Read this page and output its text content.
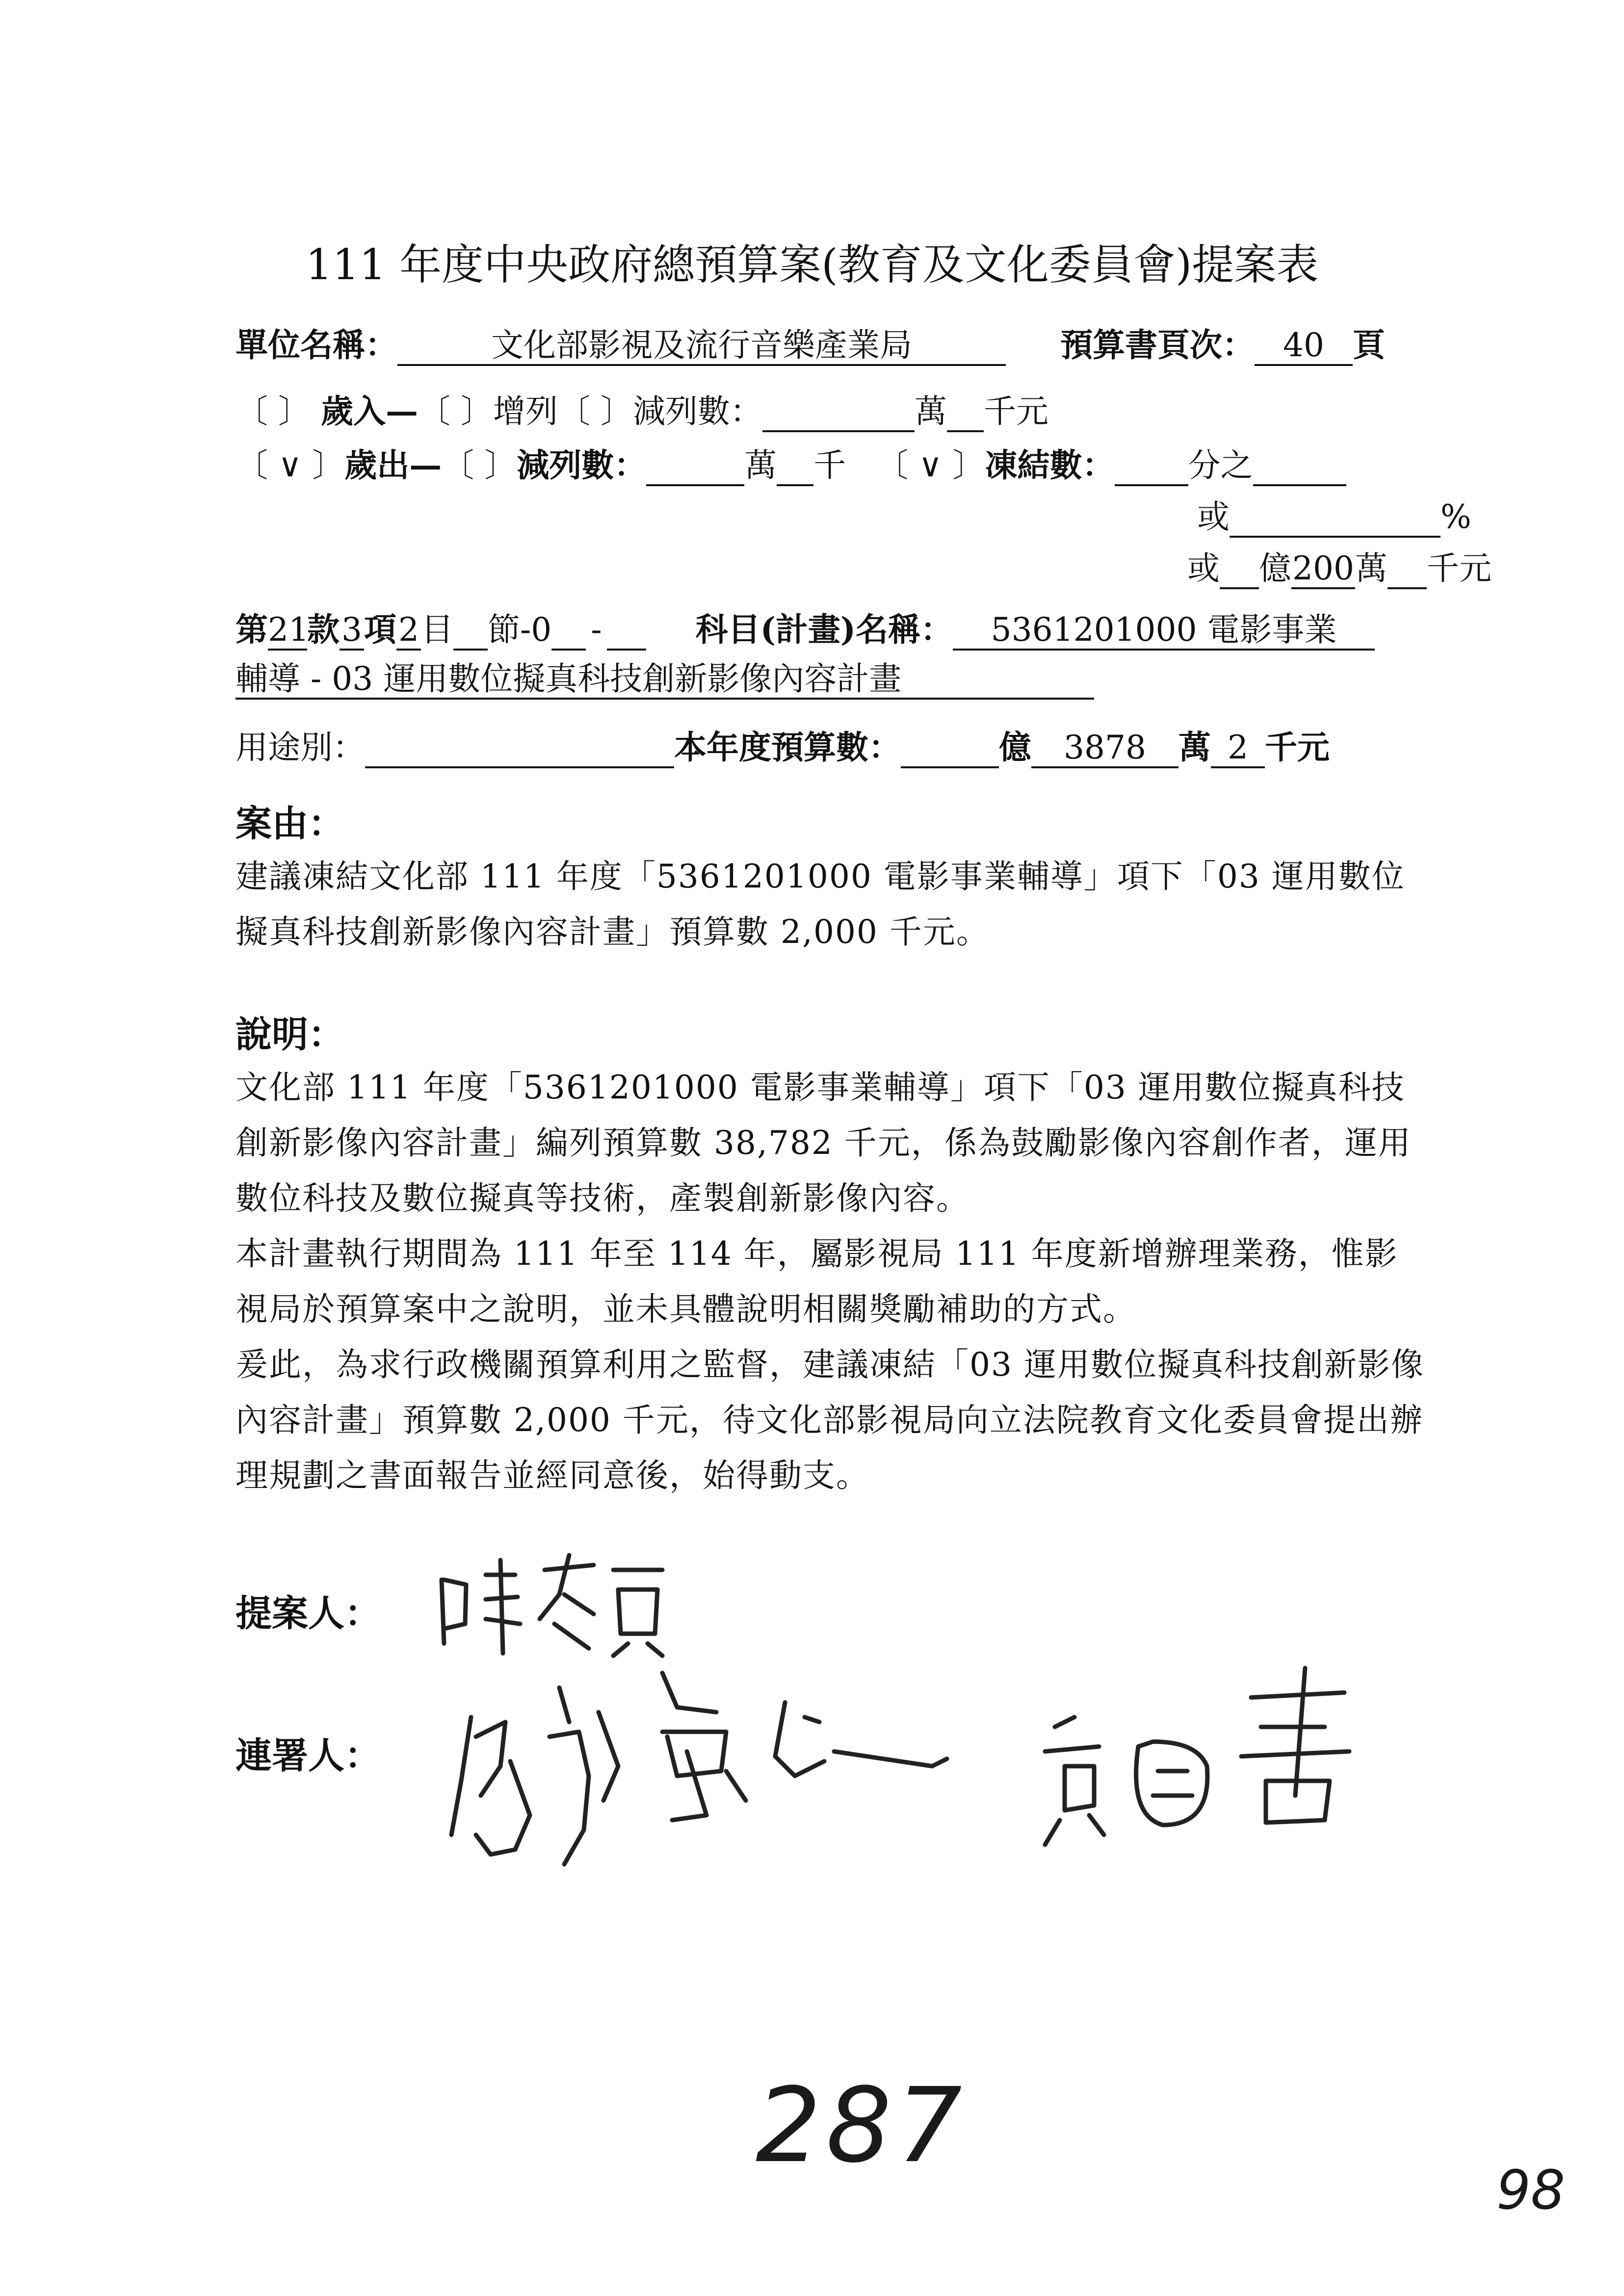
111 年度中央政府總預算案(教育及文化委員會)提案表
單位名稱：	文化部影視及流行音樂產業局	預算書頁次： 40 頁
〔 〕 歲入—〔 〕增列〔 〕減列數：	萬 千元
〔 ∨ 〕歲出—〔 〕減列數：	萬 千 〔 ∨ 〕凍結數： 分之
或	%
或 億200萬 千元
第21款3項2目 節-0 -	科目(計畫)名稱： 5361201000 電影事業
輔導 - 03 運用數位擬真科技創新影像內容計畫
用途別：	本年度預算數：	億 3878 萬 2 千元
案由：
建議凍結文化部 111 年度「5361201000 電影事業輔導」項下「03 運用數位擬真科技創新影像內容計畫」預算數 2,000 千元。
說明：

文化部 111 年度「5361201000 電影事業輔導」項下「03 運用數位擬真科技創新影像內容計畫」編列預算數 38,782 千元，係為鼓勵影像內容創作者，運用數位科技及數位擬真等技術，產製創新影像內容。

本計畫執行期間為 111 年至 114 年，屬影視局 111 年度新增辦理業務，惟影視局於預算案中之說明，並未具體說明相關獎勵補助的方式。

爰此，為求行政機關預算利用之監督，建議凍結「03 運用數位擬真科技創新影像內容計畫」預算數 2,000 千元，待文化部影視局向立法院教育文化委員會提出辦理規劃之書面報告並經同意後，始得動支。

提案人：
連署人：
287
98
